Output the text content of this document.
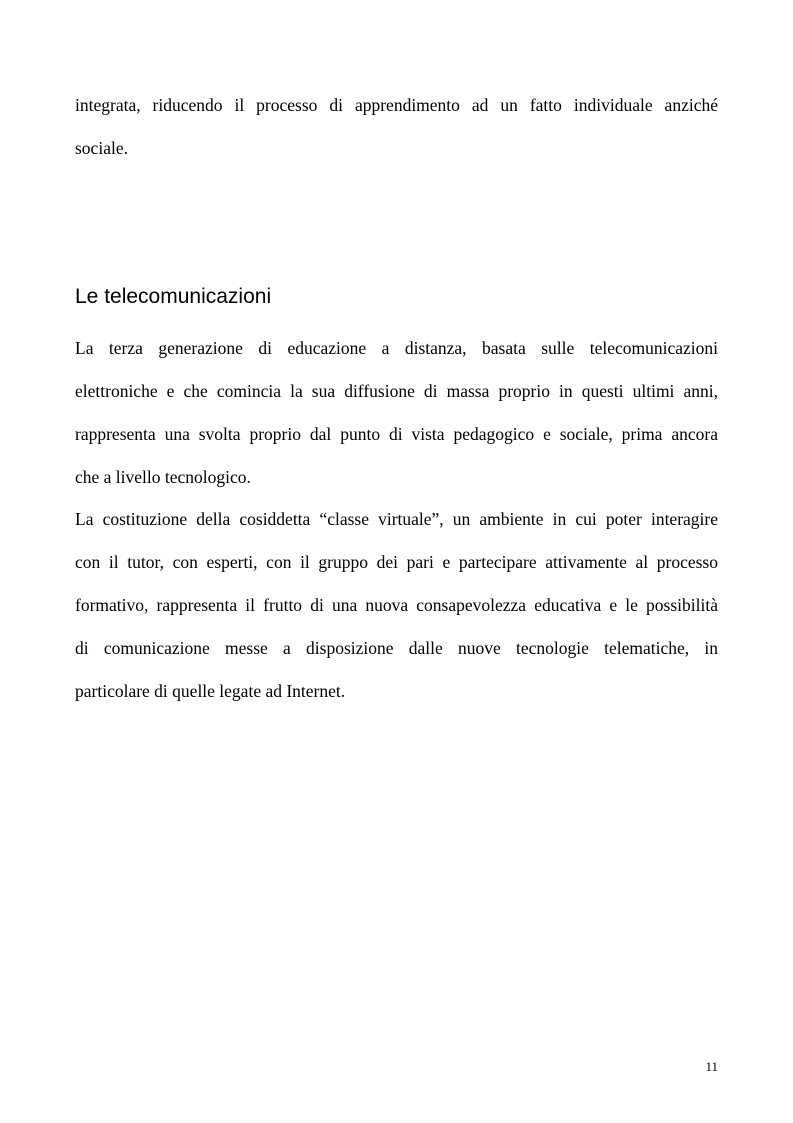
integrata, riducendo il processo di apprendimento ad un fatto individuale anziché
sociale.

Le telecomunicazioni

La terza generazione di educazione a distanza, basata sulle telecomunicazioni
elettroniche e che comincia la sua diffusione di massa proprio in questi ultimi anni,
rappresenta una svolta proprio dal punto di vista pedagogico e sociale, prima ancora
che a livello tecnologico.

La costituzione della cosiddetta “classe virtuale”, un ambiente in cui poter interagire
con il tutor, con esperti, con il gruppo dei pari e partecipare attivamente al processo
formativo, rappresenta il frutto di una nuova consapevolezza educativa e le possibilità
di comunicazione messe a disposizione dalle nuove tecnologie telematiche, in
particolare di quelle legate ad Internet.

11
